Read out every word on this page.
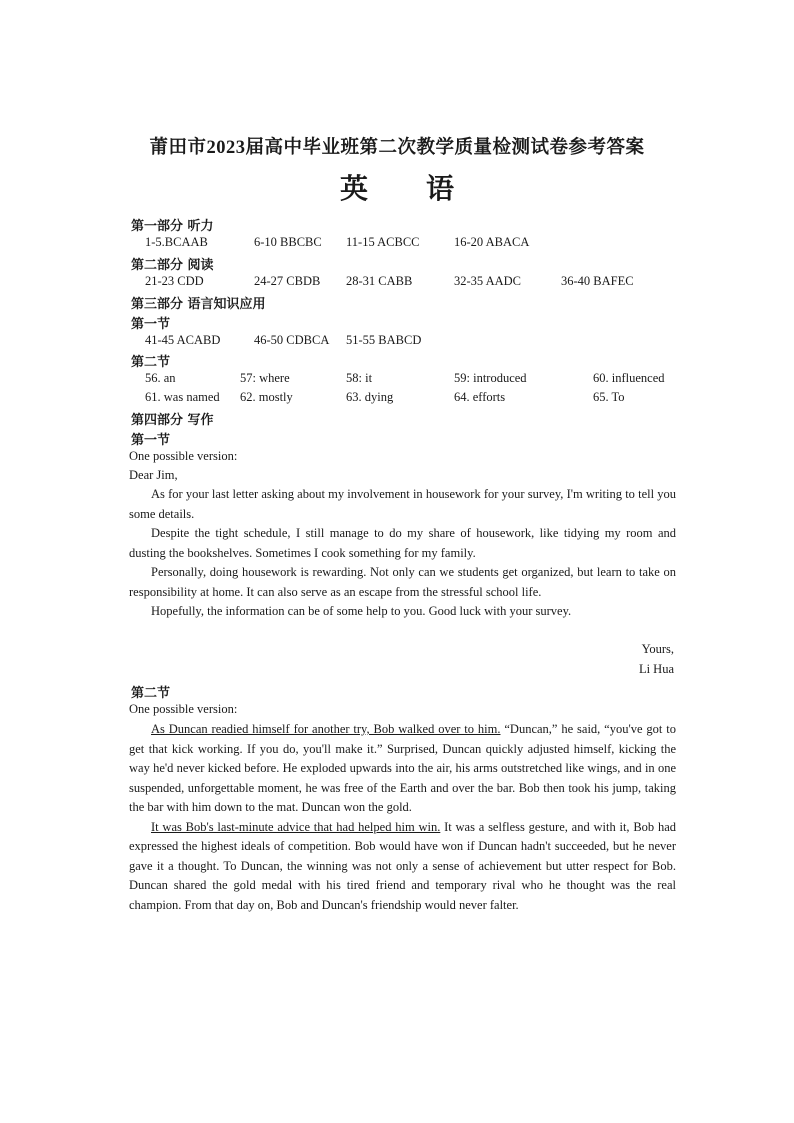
莆田市2023届高中毕业班第二次教学质量检测试卷参考答案
英 语
第一部分 听力
1-5.BCAAB	6-10 BBCBC 11-15 ACBCC	16-20 ABACA
第二部分 阅读
21-23 CDD	24-27 CBDB 28-31 CABB	32-35 AADC	36-40 BAFEC
第三部分 语言知识应用
第一节
41-45 ACABD	46-50 CDBCA 51-55 BABCD
第二节
56. an	57: where	58: it	59: introduced	60. influenced
61. was named 62. mostly	63. dying	64. efforts	65. To
第四部分 写作
第一节
One possible version:
Dear Jim,

As for your last letter asking about my involvement in housework for your survey, I'm writing to tell you some details.

Despite the tight schedule, I still manage to do my share of housework, like tidying my room and dusting the bookshelves. Sometimes I cook something for my family.

Personally, doing housework is rewarding. Not only can we students get organized, but learn to take on responsibility at home. It can also serve as an escape from the stressful school life.

Hopefully, the information can be of some help to you. Good luck with your survey.

Yours,
Li Hua
第二节
One possible version:

As Duncan readied himself for another try, Bob walked over to him. “Duncan,” he said, “you've got to get that kick working. If you do, you'll make it.” Surprised, Duncan quickly adjusted himself, kicking the way he'd never kicked before. He exploded upwards into the air, his arms outstretched like wings, and in one suspended, unforgettable moment, he was free of the Earth and over the bar. Bob then took his jump, taking the bar with him down to the mat. Duncan won the gold.

It was Bob's last-minute advice that had helped him win. It was a selfless gesture, and with it, Bob had expressed the highest ideals of competition. Bob would have won if Duncan hadn't succeeded, but he never gave it a thought. To Duncan, the winning was not only a sense of achievement but utter respect for Bob. Duncan shared the gold medal with his tired friend and temporary rival who he thought was the real champion. From that day on, Bob and Duncan's friendship would never falter.
